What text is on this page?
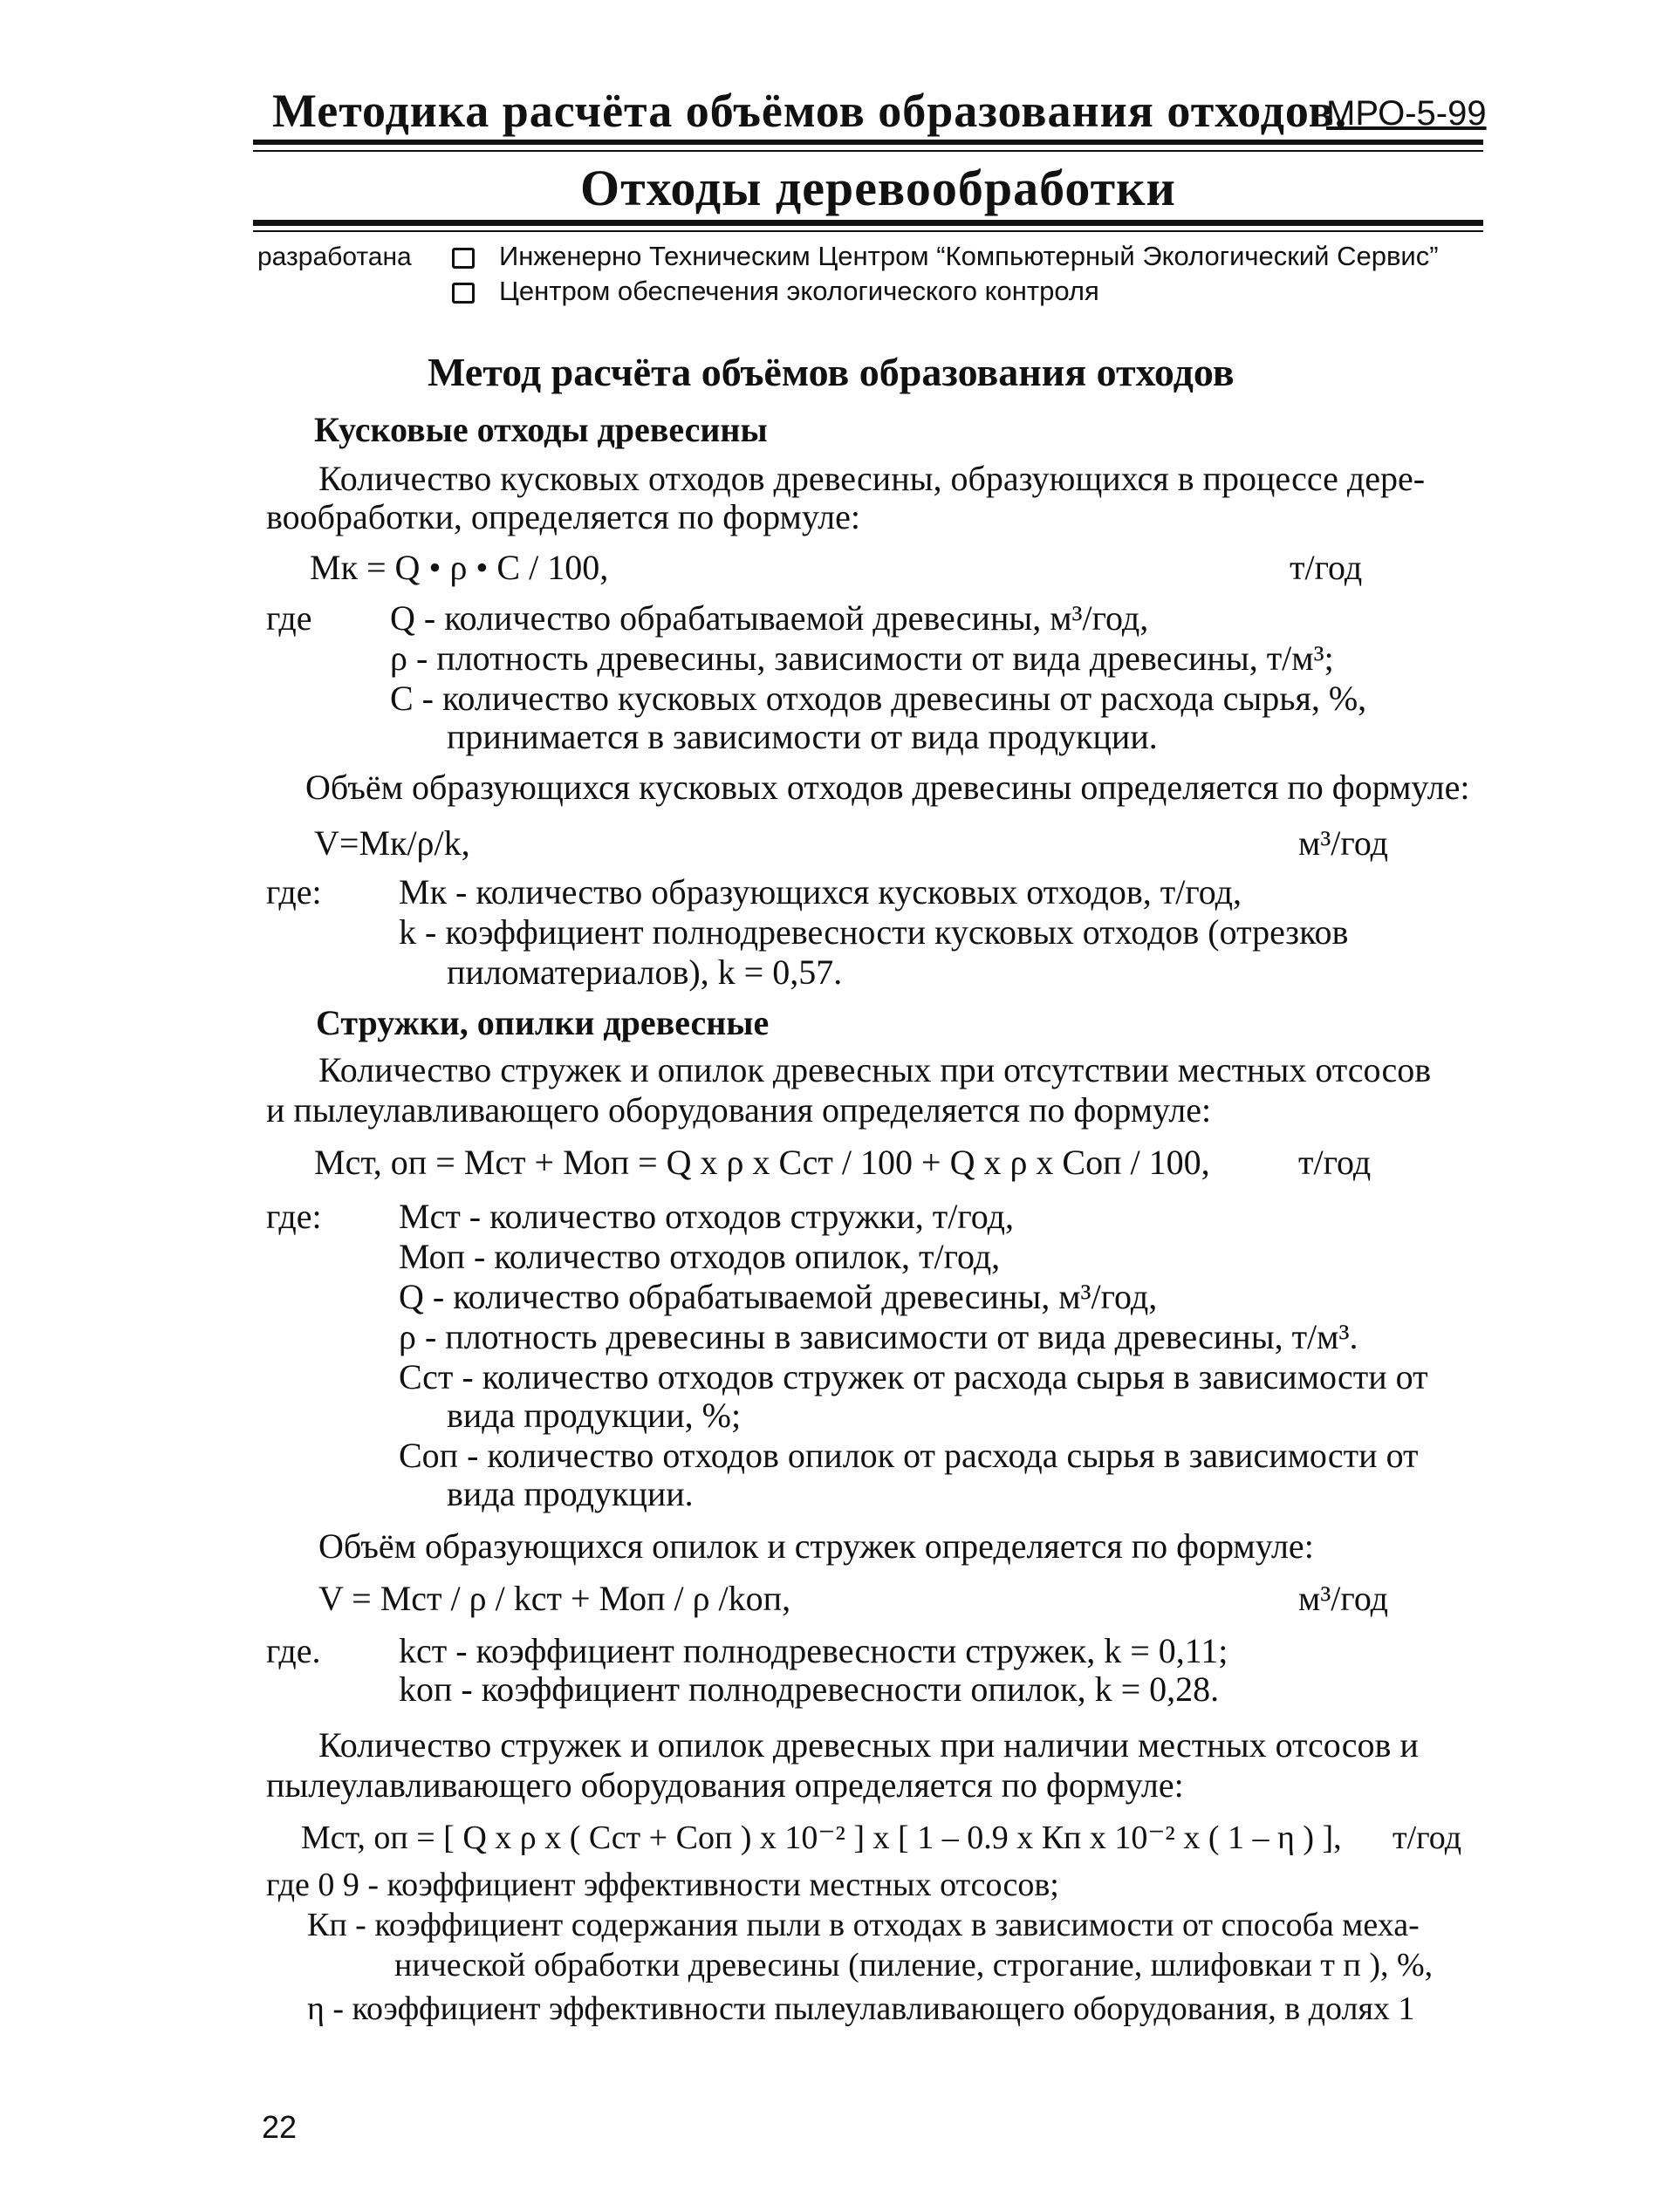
Методика расчёта объёмов образования отходов.
МРО-5-99
Отходы деревообработки
разработана	Инженерно Техническим Центром “Компьютерный Экологический Сервис”
Центром обеспечения экологического контроля
Метод расчёта объёмов образования отходов
Кусковые отходы древесины
Количество кусковых отходов древесины, образующихся в процессе дере-
вообработки, определяется по формуле:
Мк = Q • ρ • С / 100,	т/год
где Q - количество обрабатываемой древесины, м³/год,
ρ - плотность древесины, зависимости от вида древесины, т/м³;
С - количество кусковых отходов древесины от расхода сырья, %,
принимается в зависимости от вида продукции.
Объём образующихся кусковых отходов древесины определяется по формуле:
V=Мк/ρ/k,	м³/год
где: Мк - количество образующихся кусковых отходов, т/год,
k - коэффициент полнодревесности кусковых отходов (отрезков
пиломатериалов), k = 0,57.
Стружки, опилки древесные
Количество стружек и опилок древесных при отсутствии местных отсосов
и пылеулавливающего оборудования определяется по формуле:
Мст, оп = Мст + Моп = Q x ρ x Сст / 100 + Q x ρ x Соп / 100,	т/год
где: Мст - количество отходов стружки, т/год,
Моп - количество отходов опилок, т/год,
Q - количество обрабатываемой древесины, м³/год,
ρ - плотность древесины в зависимости от вида древесины, т/м³.
Сст - количество отходов стружек от расхода сырья в зависимости от
вида продукции, %;
Соп - количество отходов опилок от расхода сырья в зависимости от
вида продукции.
Объём образующихся опилок и стружек определяется по формуле:
V = Мст / ρ / kст + Моп / ρ /kоп,	м³/год
где. kст - коэффициент полнодревесности стружек, k = 0,11;
kоп - коэффициент полнодревесности опилок, k = 0,28.
Количество стружек и опилок древесных при наличии местных отсосов и
пылеулавливающего оборудования определяется по формуле:
Мст, оп = [ Q x ρ x ( Сст + Соп ) x 10⁻² ] x [ 1 – 0.9 x Кп x 10⁻² x ( 1 – η ) ], т/год
где 0 9 - коэффициент эффективности местных отсосов;
Кп - коэффициент содержания пыли в отходах в зависимости от способа меха-
нической обработки древесины (пиление, строгание, шлифовкаи т п ), %,
η - коэффициент эффективности пылеулавливающего оборудования, в долях 1
22
